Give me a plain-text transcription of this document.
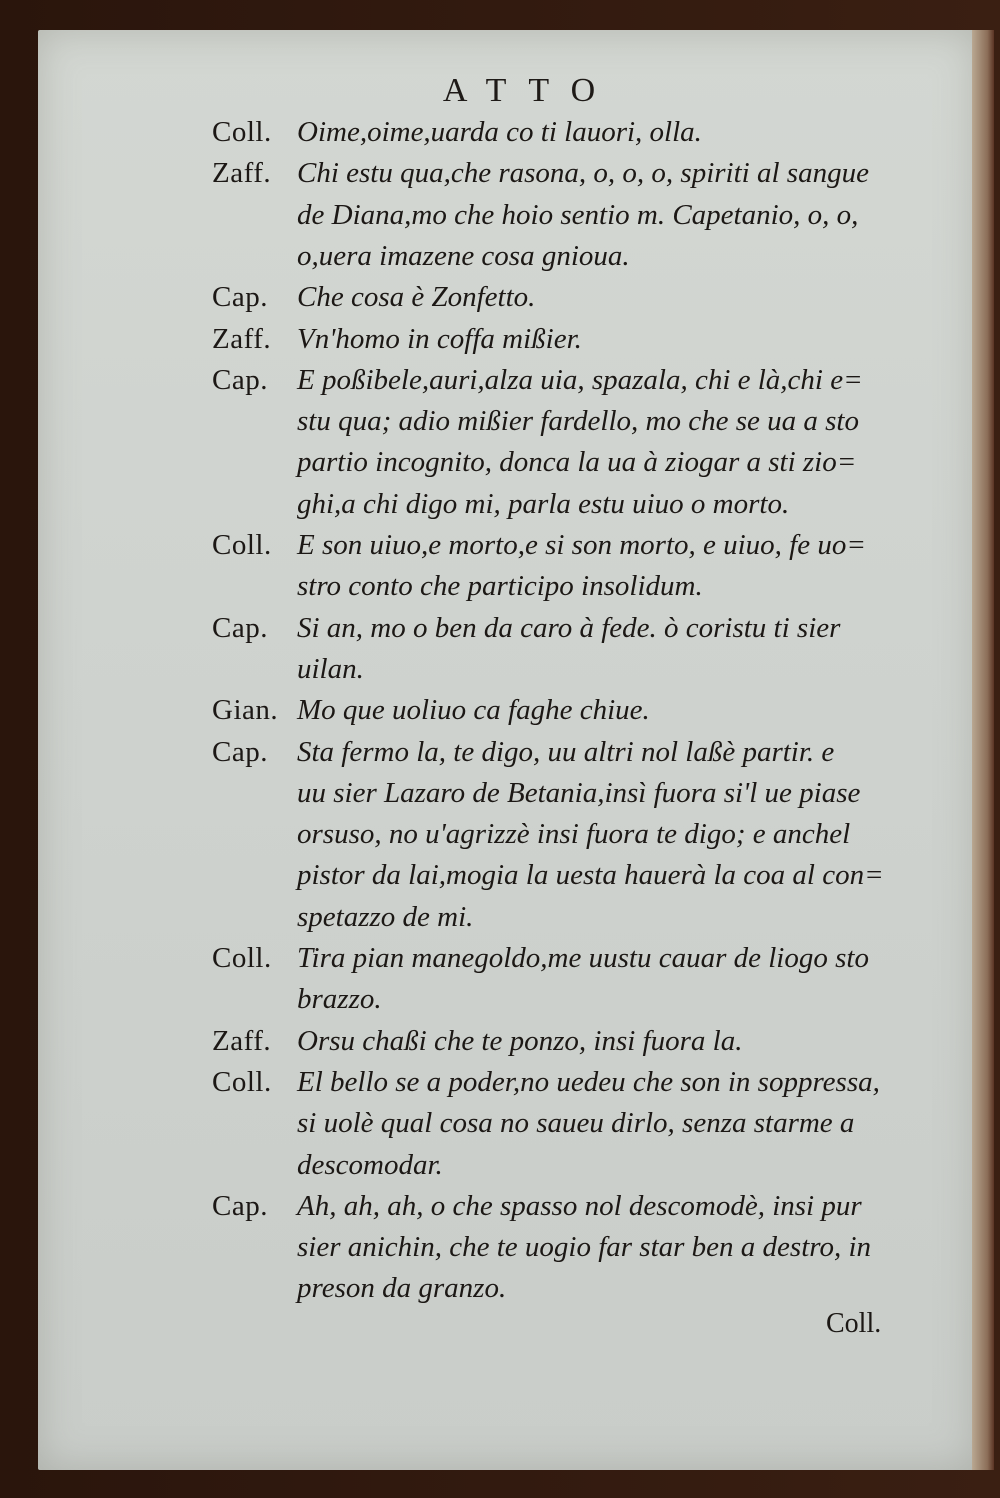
ATTO
Coll. Oime,oime,uarda co ti lauori, olla.
Zaff. Chi estu qua,che rasona, o, o, o, spiriti al sangue
de Diana,mo che hoio sentio m. Capetanio, o, o,
o,uera imazene cosa gnioua.
Cap. Che cosa è Zonfetto.
Zaff. Vn'homo in coffa mißier.
Cap. E poßibele,auri,alza uia, spazala, chi e là,chi e=
stu qua; adio mißier fardello, mo che se ua a sto
partio incognito, donca la ua à ziogar a sti zio=
ghi,a chi digo mi, parla estu uiuo o morto.
Coll. E son uiuo,e morto,e si son morto, e uiuo, fe uo=
stro conto che participo insolidum.
Cap. Si an, mo o ben da caro à fede. ò coristu ti sier
uilan.
Gian. Mo que uoliuo ca faghe chiue.
Cap. Sta fermo la, te digo, uu altri nol laßè partir. e
uu sier Lazaro de Betania,insì fuora si'l ue piase
orsuso, no u'agrizzè insi fuora te digo; e anchel
pistor da lai,mogia la uesta hauerà la coa al con=
spetazzo de mi.
Coll. Tira pian manegoldo,me uustu cauar de liogo sto
brazzo.
Zaff. Orsu chaßi che te ponzo, insi fuora la.
Coll. El bello se a poder,no uedeu che son in soppressa,
si uolè qual cosa no saueu dirlo, senza starme a
descomodar.
Cap. Ah, ah, ah, o che spasso nol descomodè, insi pur
sier anichin, che te uogio far star ben a destro, in
preson da granzo.
Coll.
